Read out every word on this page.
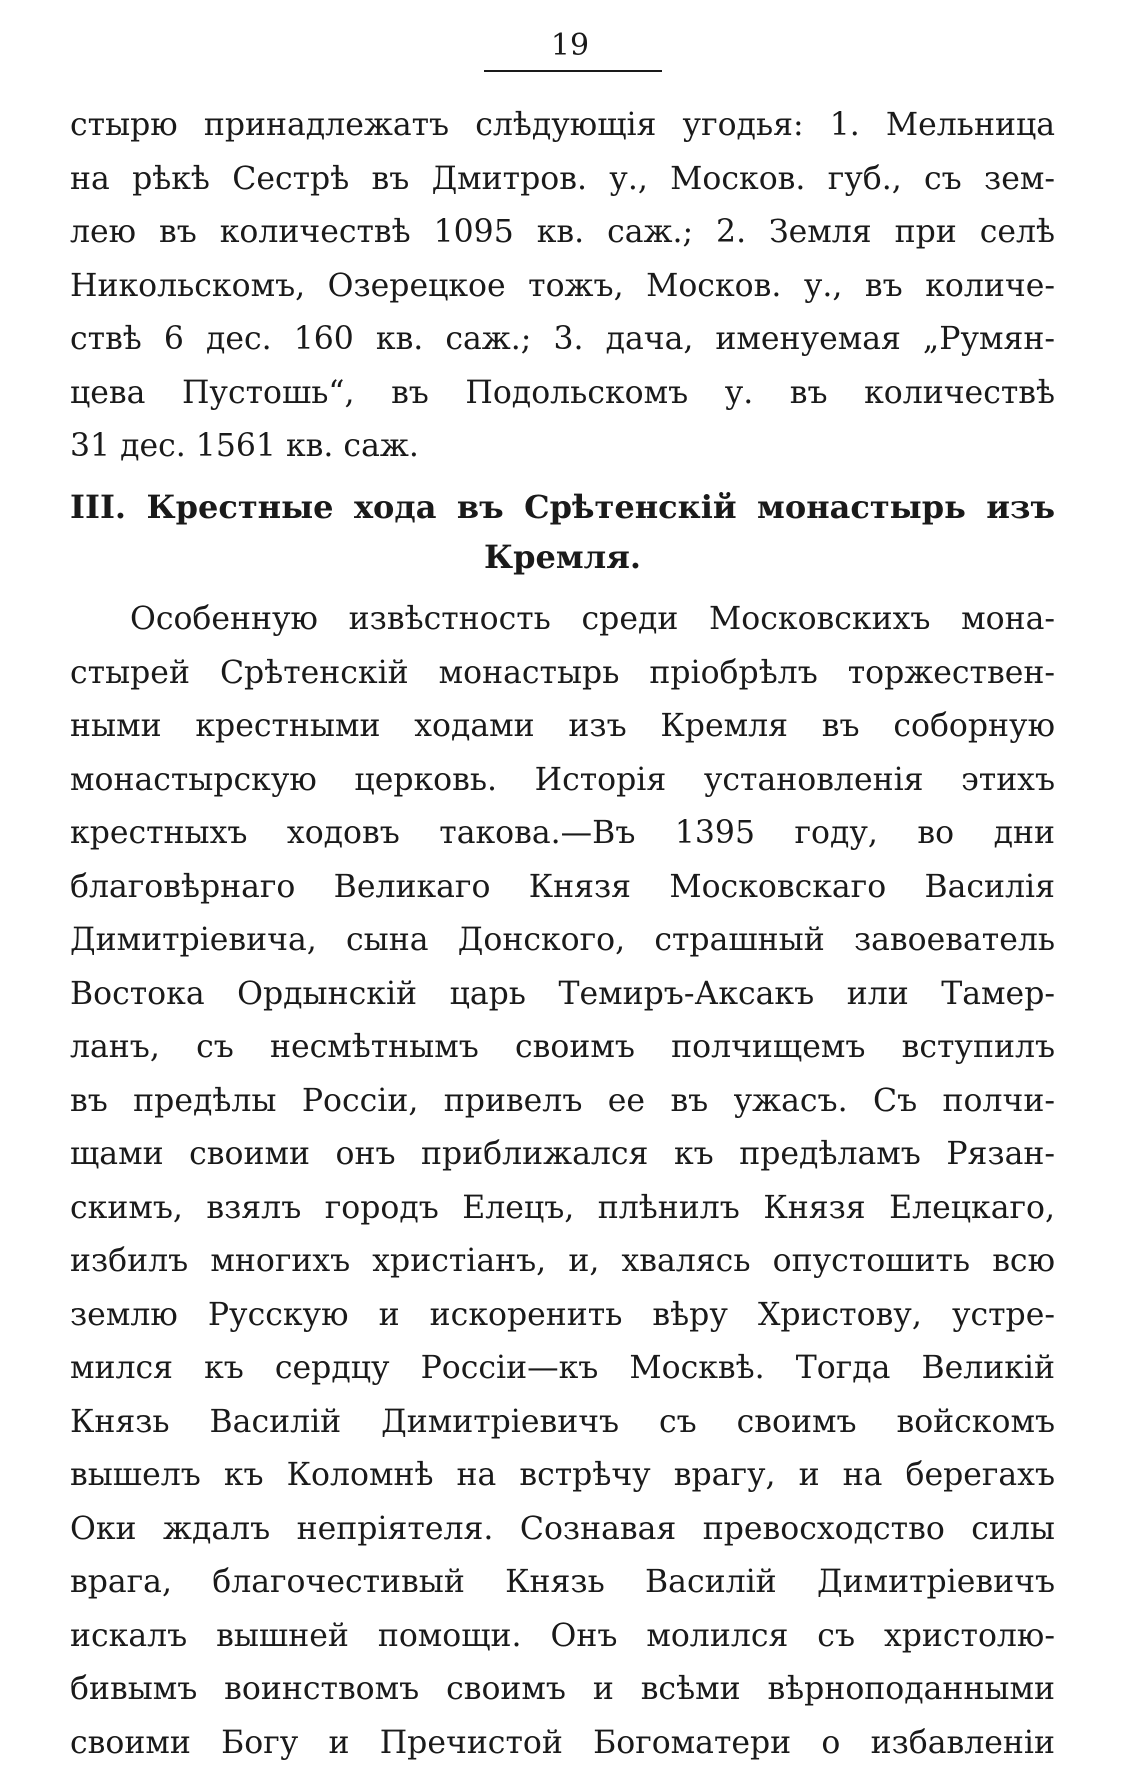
19
стырю принадлежатъ слѣдующія угодья: 1. Мельница
на рѣкѣ Сестрѣ въ Дмитров. у., Москов. губ., съ зем-
лею въ количествѣ 1095 кв. саж.; 2. Земля при селѣ
Никольскомъ, Озерецкое тожъ, Москов. у., въ количе-
ствѣ 6 дес. 160 кв. саж.; 3. дача, именуемая „Румян-
цева Пустошь“, въ Подольскомъ у. въ количествѣ
31 дес. 1561 кв. саж.
III. Крестные хода въ Срѣтенскій монастырь изъ
Кремля.
Особенную извѣстность среди Московскихъ мона-
стырей Срѣтенскій монастырь пріобрѣлъ торжествен-
ными крестными ходами изъ Кремля въ соборную
монастырскую церковь. Исторія установленія этихъ
крестныхъ ходовъ такова.—Въ 1395 году, во дни
благовѣрнаго Великаго Князя Московскаго Василія
Димитріевича, сына Донского, страшный завоеватель
Востока Ордынскій царь Темиръ-Аксакъ или Тамер-
ланъ, съ несмѣтнымъ своимъ полчищемъ вступилъ
въ предѣлы Россіи, привелъ ее въ ужасъ. Съ полчи-
щами своими онъ приближался къ предѣламъ Рязан-
скимъ, взялъ городъ Елецъ, плѣнилъ Князя Елецкаго,
избилъ многихъ христіанъ, и, хвалясь опустошить всю
землю Русскую и искоренить вѣру Христову, устре-
мился къ сердцу Россіи—къ Москвѣ. Тогда Великій
Князь Василій Димитріевичъ съ своимъ войскомъ
вышелъ къ Коломнѣ на встрѣчу врагу, и на берегахъ
Оки ждалъ непріятеля. Сознавая превосходство силы
врага, благочестивый Князь Василій Димитріевичъ
искалъ вышней помощи. Онъ молился съ христолю-
бивымъ воинствомъ своимъ и всѣми вѣрноподанными
своими Богу и Пречистой Богоматери о избавленіи
